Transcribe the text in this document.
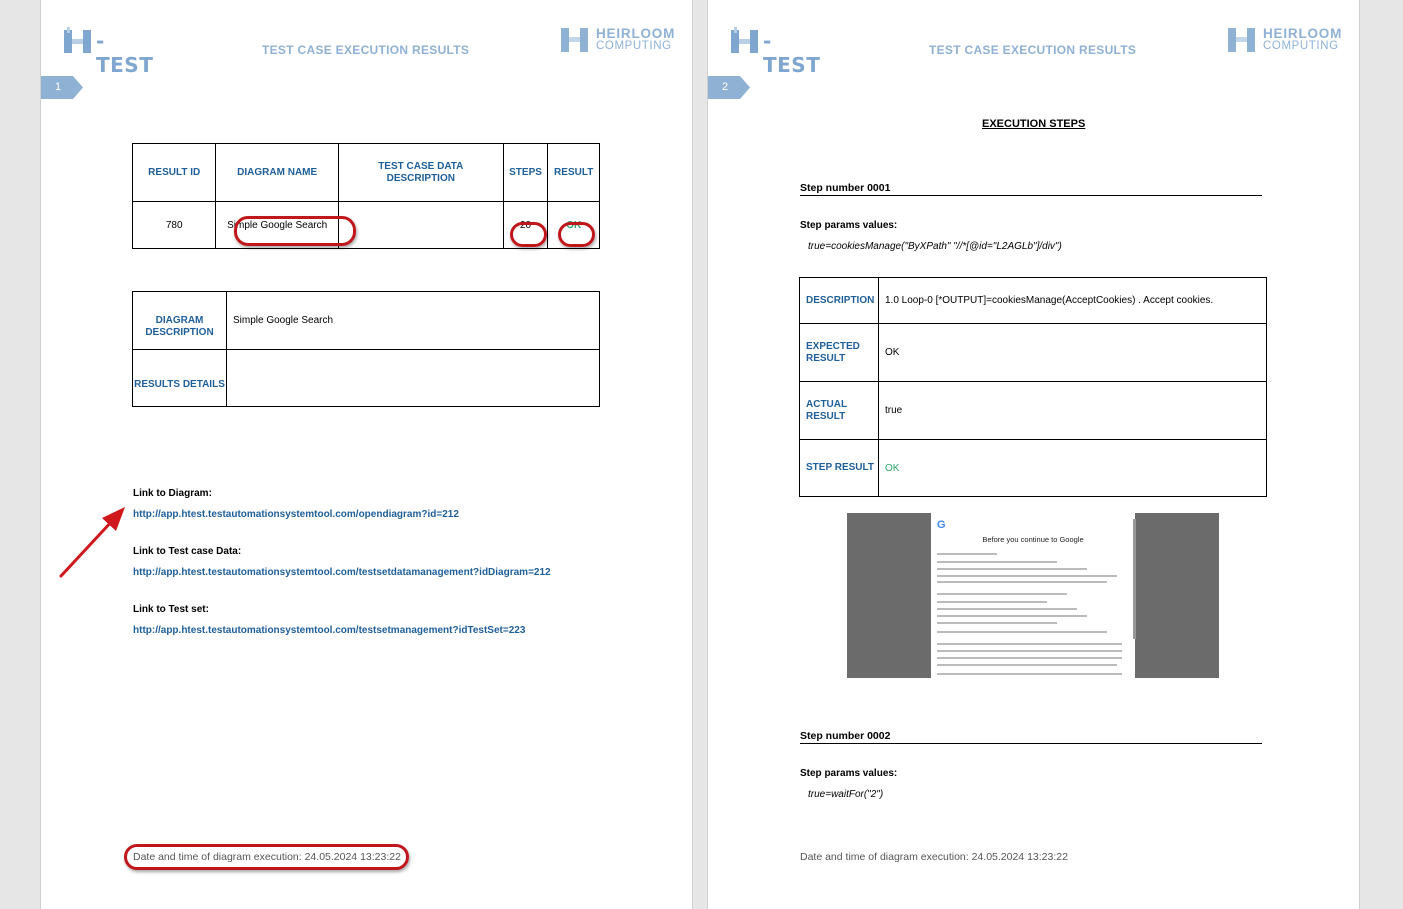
-TEST
TEST CASE EXECUTION RESULTS
HEIRLOOM
COMPUTING
1
RESULT ID	DIAGRAM NAME	TEST CASE DATA DESCRIPTION	STEPS	RESULT
780	Simple Google Search		20	OK
DIAGRAM DESCRIPTION	Simple Google Search
RESULTS DETAILS	
Link to Diagram:
http://app.htest.testautomationsystemtool.com/opendiagram?id=212
Link to Test case Data:
http://app.htest.testautomationsystemtool.com/testsetdatamanagement?idDiagram=212
Link to Test set:
http://app.htest.testautomationsystemtool.com/testsetmanagement?idTestSet=223
Date and time of diagram execution: 24.05.2024 13:23:22
-TEST
TEST CASE EXECUTION RESULTS
HEIRLOOM
COMPUTING
2
EXECUTION STEPS
Step number 0001
Step params values:
true=cookiesManage("ByXPath" "//*[@id="L2AGLb"]/div")
DESCRIPTION	1.0 Loop-0 [*OUTPUT]=cookiesManage(AcceptCookies) . Accept cookies.
EXPECTED RESULT	OK
ACTUAL RESULT	true
STEP RESULT	OK
G
Before you continue to Google
Step number 0002
Step params values:
true=waitFor("2")
Date and time of diagram execution: 24.05.2024 13:23:22
